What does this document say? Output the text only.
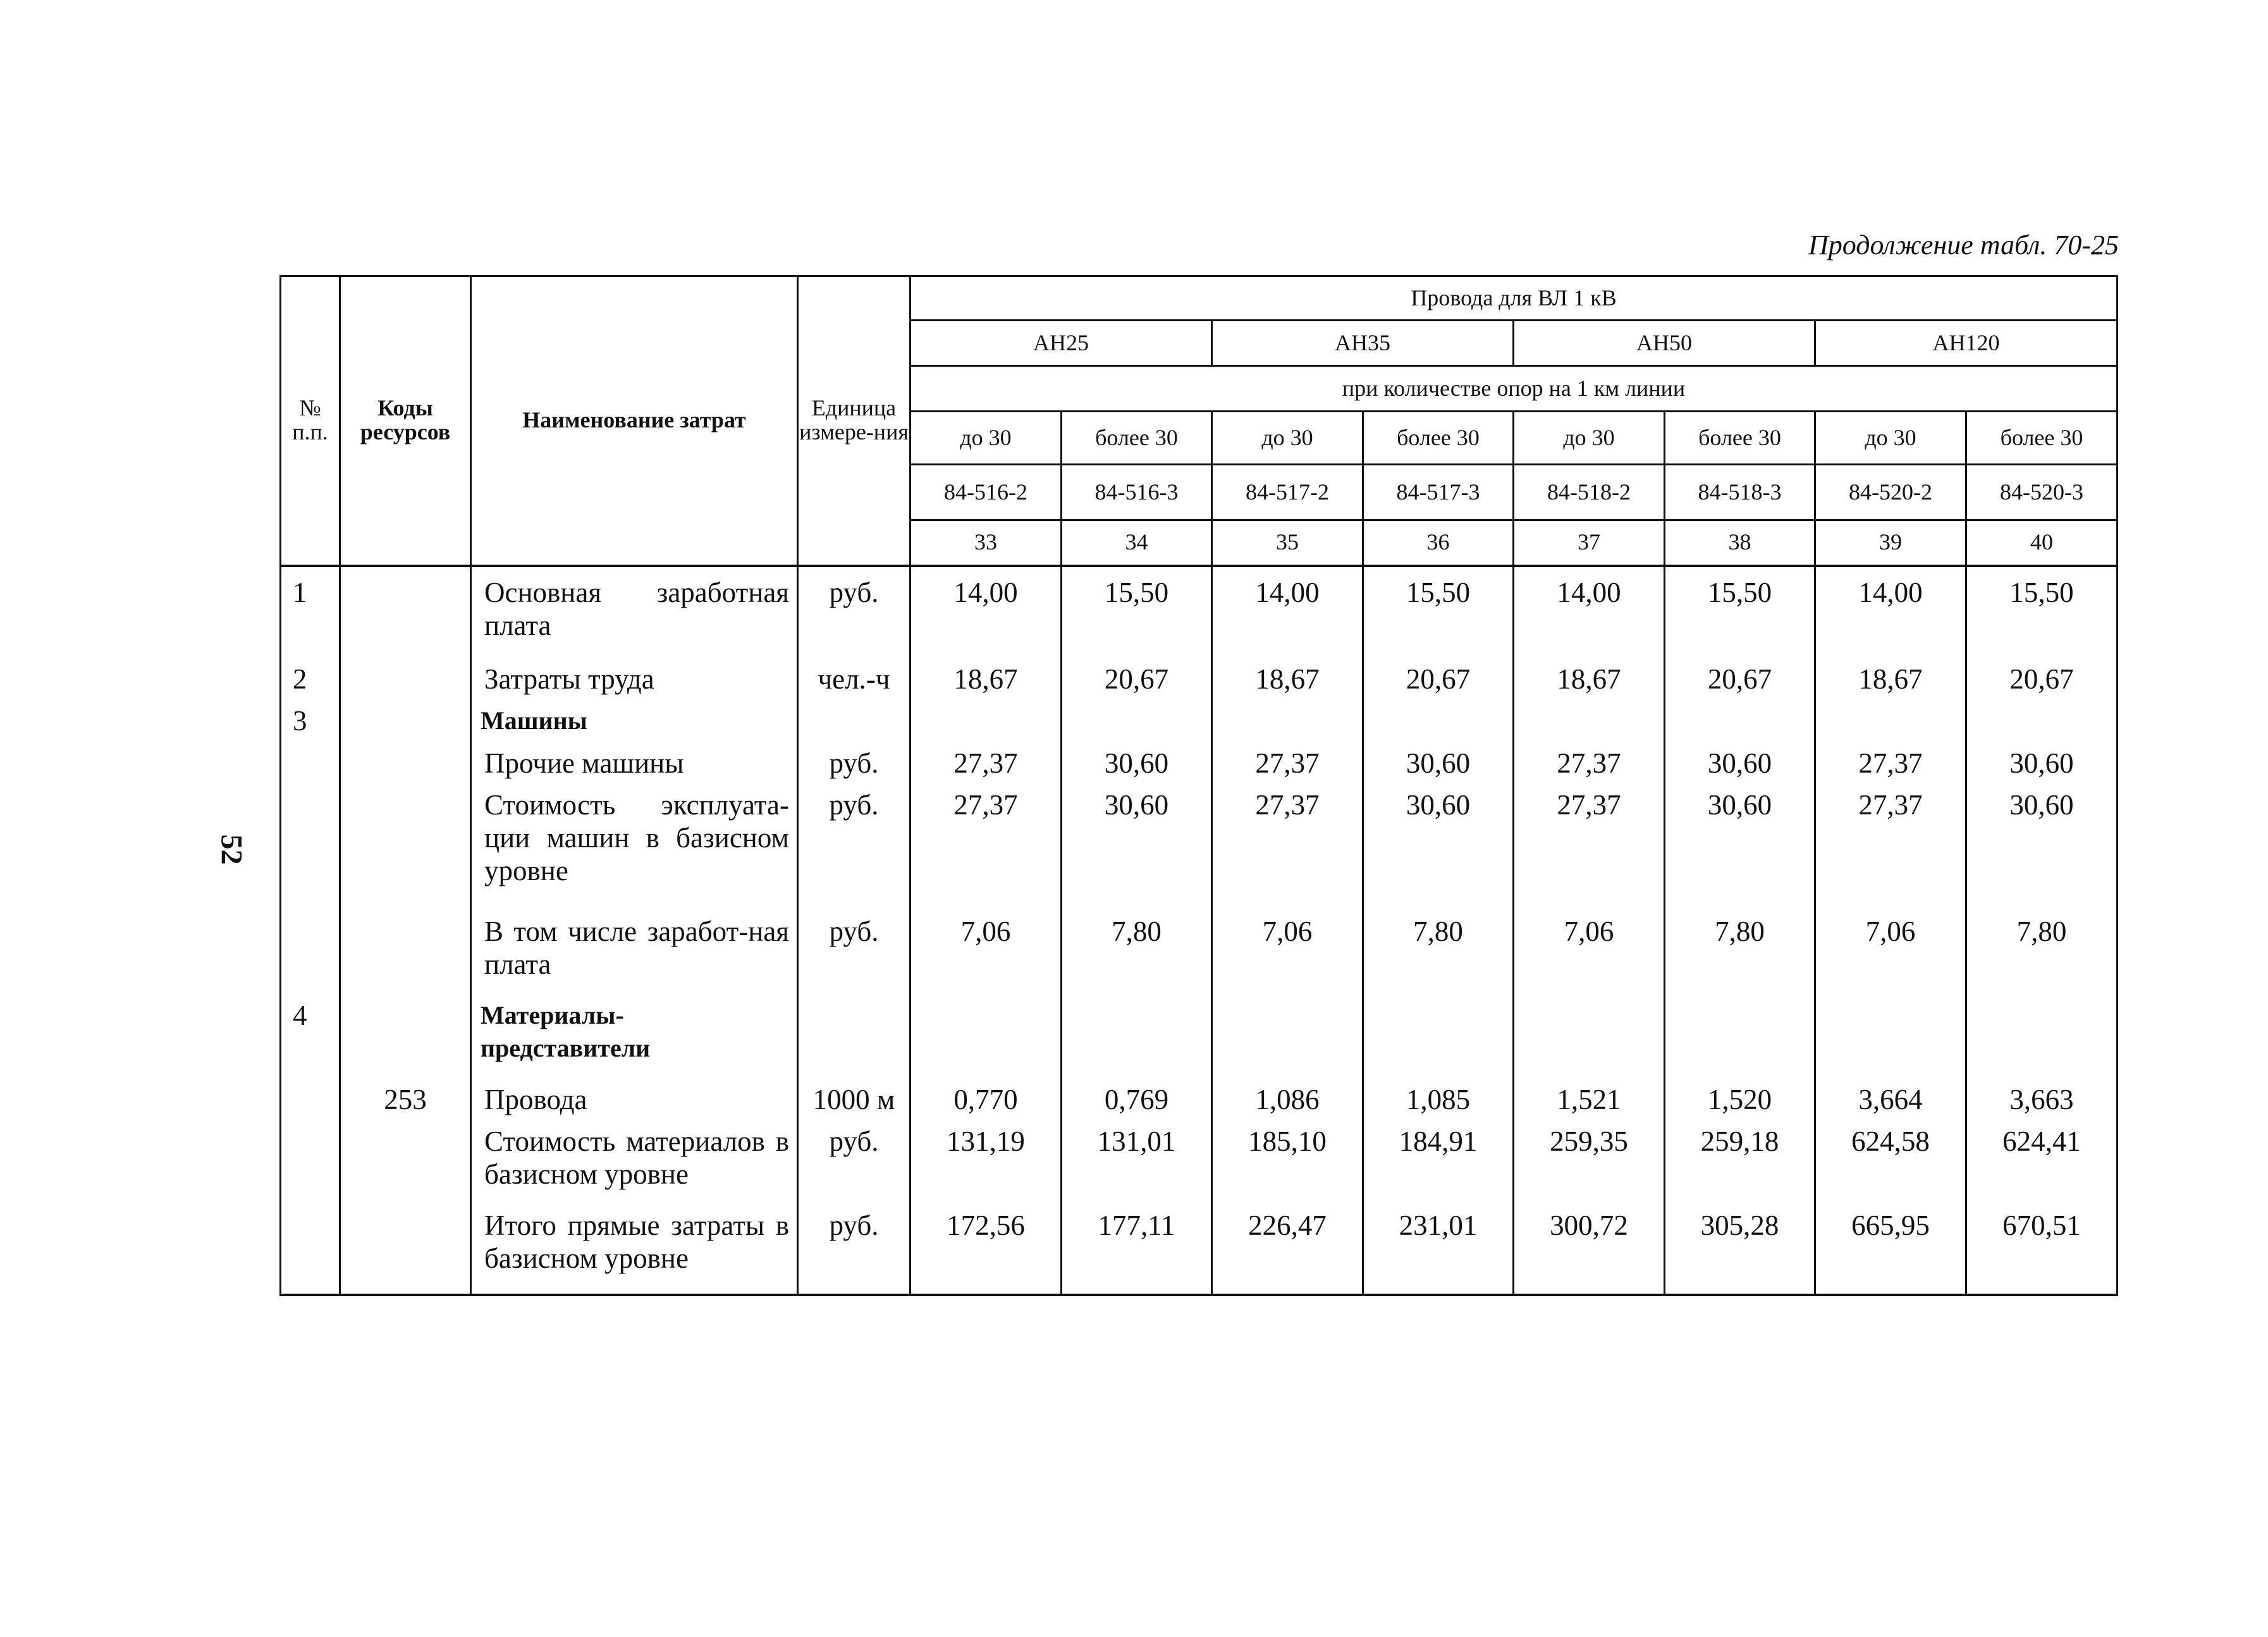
Продолжение табл. 70-25
52
№ п.п.	Коды ресурсов	Наименование затрат	Единица измере-ния	Провода для ВЛ 1 кВ							
				АН25		АН35		АН50		АН120	
				при количестве опор на 1 км линии							
				до 30	более 30	до 30	более 30	до 30	более 30	до 30	более 30
				84-516-2	84-516-3	84-517-2	84-517-3	84-518-2	84-518-3	84-520-2	84-520-3
				33	34	35	36	37	38	39	40
1		Основная заработная плата	руб.	14,00	15,50	14,00	15,50	14,00	15,50	14,00	15,50
2		Затраты труда	чел.-ч	18,67	20,67	18,67	20,67	18,67	20,67	18,67	20,67
3		Машины									
		Прочие машины	руб.	27,37	30,60	27,37	30,60	27,37	30,60	27,37	30,60
		Стоимость эксплуата-ции машин в базисном уровне	руб.	27,37	30,60	27,37	30,60	27,37	30,60	27,37	30,60
		В том числе заработ-ная плата	руб.	7,06	7,80	7,06	7,80	7,06	7,80	7,06	7,80
4		Материалы-представители									
	253	Провода	1000 м	0,770	0,769	1,086	1,085	1,521	1,520	3,664	3,663
		Стоимость материалов в базисном уровне	руб.	131,19	131,01	185,10	184,91	259,35	259,18	624,58	624,41
		Итого прямые затраты в базисном уровне	руб.	172,56	177,11	226,47	231,01	300,72	305,28	665,95	670,51
